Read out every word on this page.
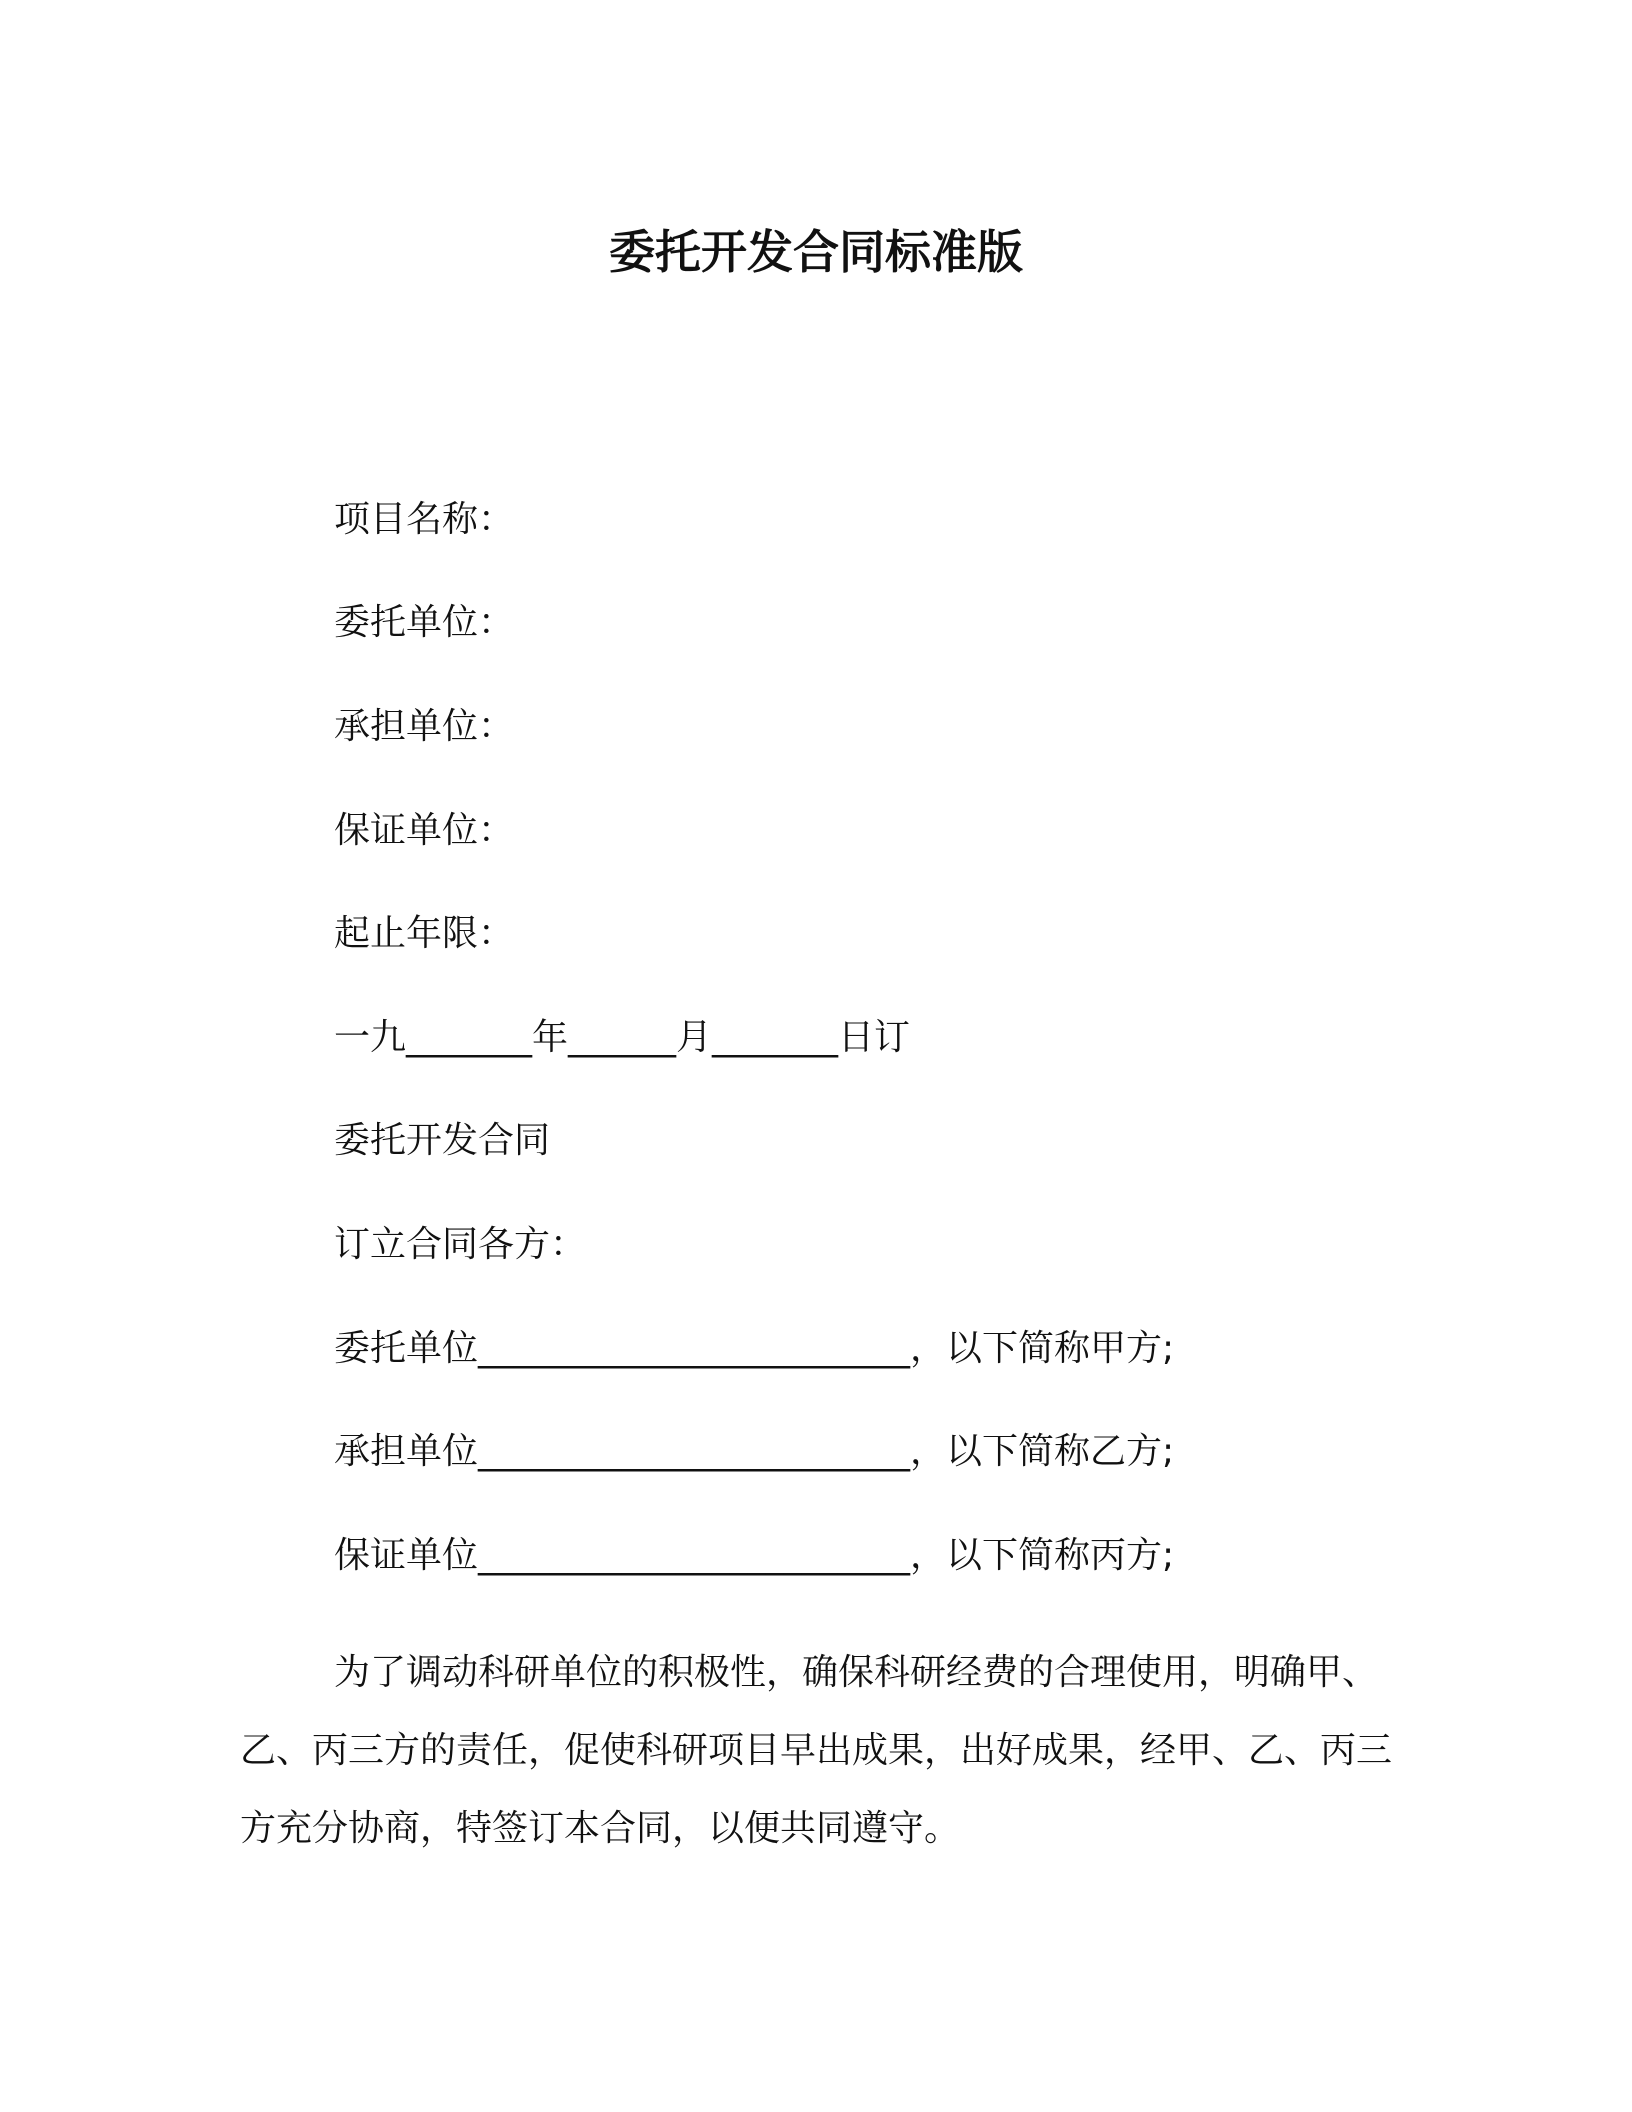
委托开发合同标准版
项目名称：
委托单位：
承担单位：
保证单位：
起止年限：
一九_______年______月_______日订
委托开发合同
订立合同各方：
委托单位________________________，以下简称甲方;
承担单位________________________，以下简称乙方;
保证单位________________________，以下简称丙方;

为了调动科研单位的积极性，确保科研经费的合理使用，明确甲、乙、丙三方的责任，促使科研项目早出成果，出好成果，经甲、乙、丙三方充分协商，特签订本合同，以便共同遵守。
